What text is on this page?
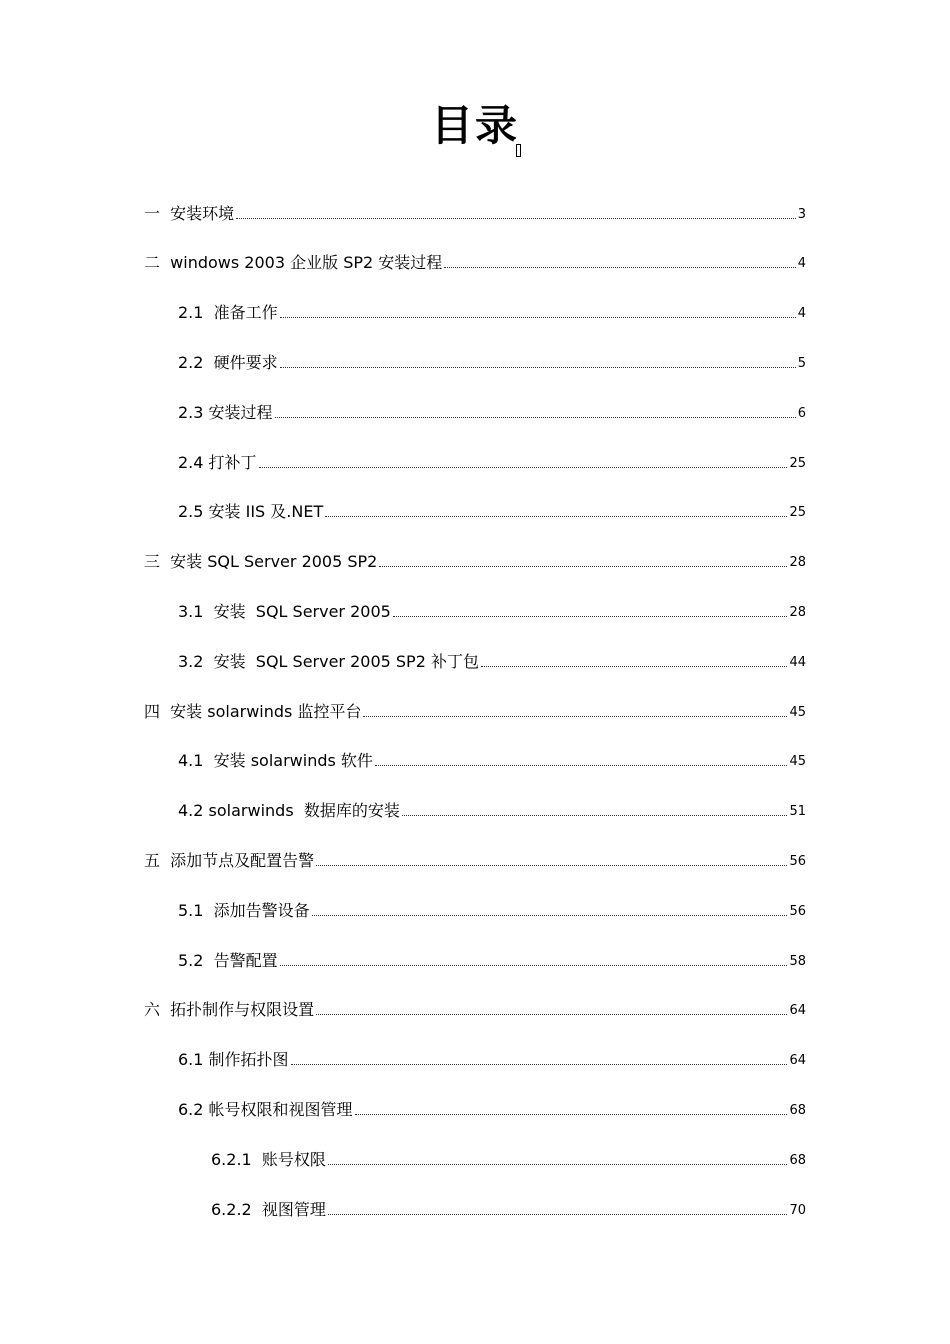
目录
一  安装环境	3
二  windows 2003 企业版 SP2 安装过程	4
2.1  准备工作	4
2.2  硬件要求	5
2.3 安装过程	6
2.4 打补丁	25
2.5 安装 IIS 及.NET	25
三  安装 SQL Server 2005 SP2	28
3.1  安装  SQL Server 2005	28
3.2  安装  SQL Server 2005 SP2 补丁包	44
四  安装 solarwinds 监控平台	45
4.1  安装 solarwinds 软件	45
4.2 solarwinds  数据库的安装	51
五  添加节点及配置告警	56
5.1  添加告警设备	56
5.2  告警配置	58
六  拓扑制作与权限设置	64
6.1 制作拓扑图	64
6.2 帐号权限和视图管理	68
6.2.1  账号权限	68
6.2.2  视图管理	70
